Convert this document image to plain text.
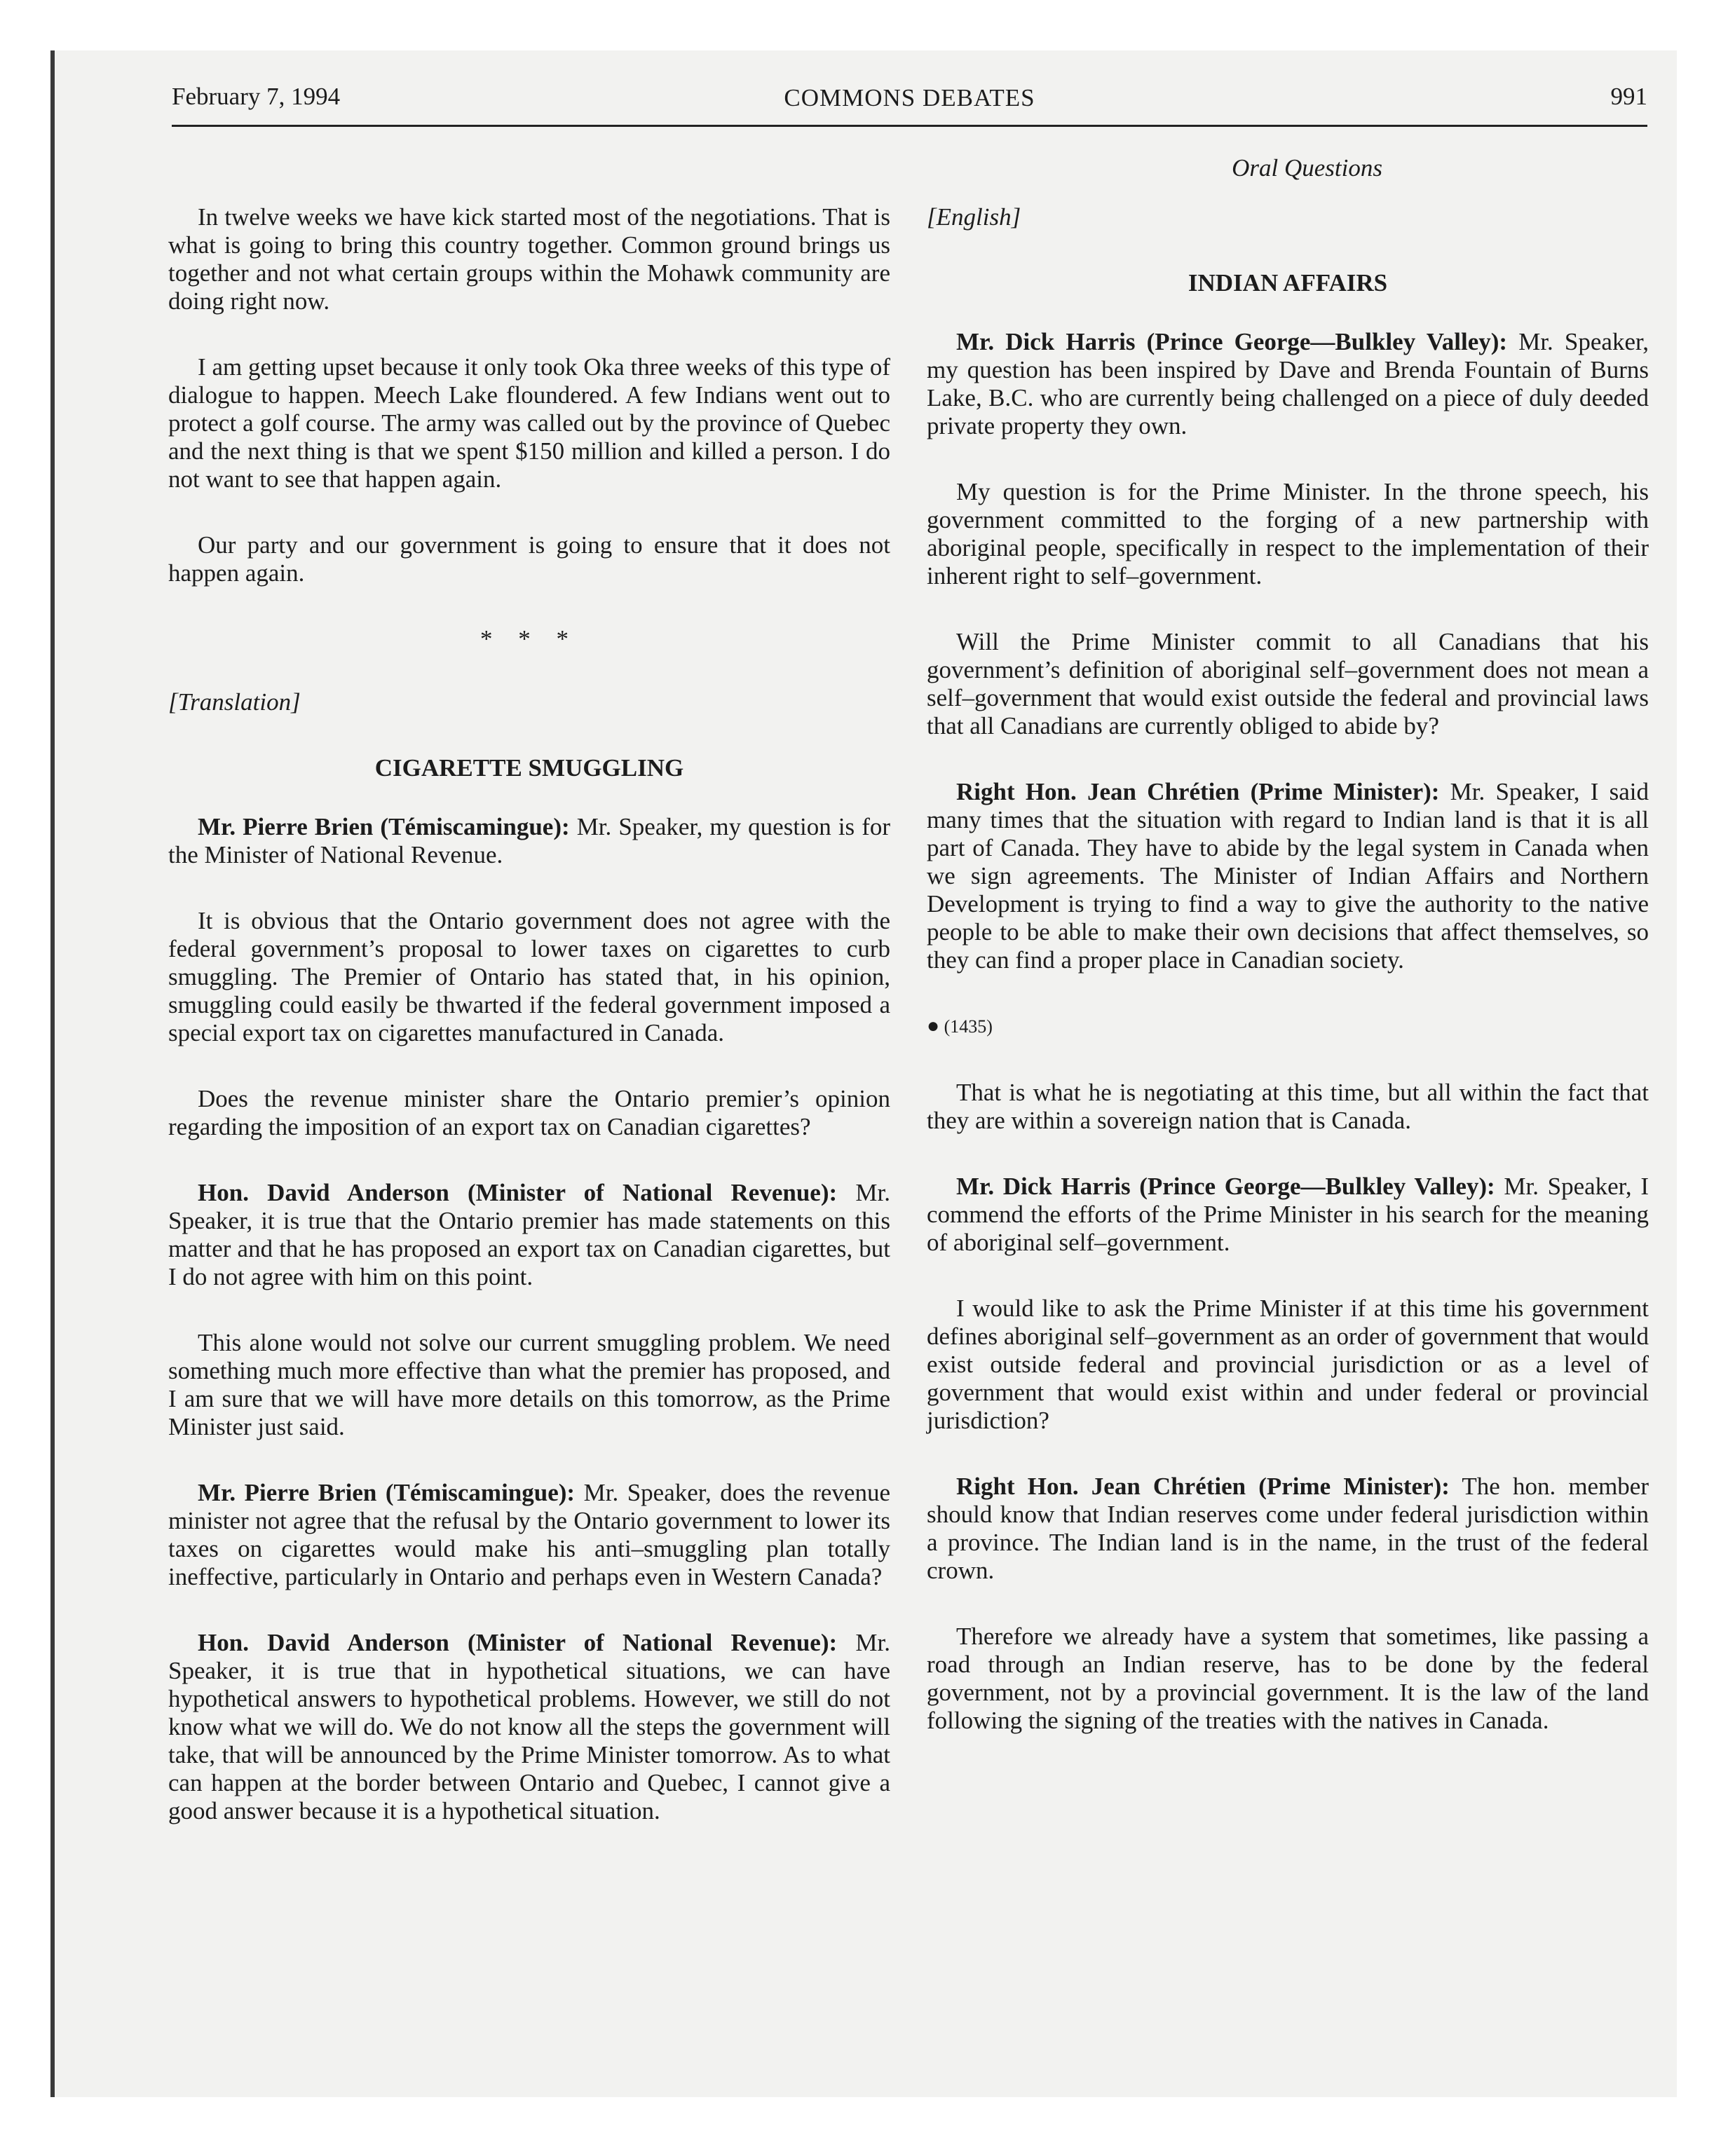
February 7, 1994	COMMONS DEBATES	991

In twelve weeks we have kick started most of the negotiations. That is what is going to bring this country together. Common ground brings us together and not what certain groups within the Mohawk community are doing right now.

I am getting upset because it only took Oka three weeks of this type of dialogue to happen. Meech Lake floundered. A few Indians went out to protect a golf course. The army was called out by the province of Quebec and the next thing is that we spent $150 million and killed a person. I do not want to see that happen again.

Our party and our government is going to ensure that it does not happen again.

* * *
[Translation]
CIGARETTE SMUGGLING

Mr. Pierre Brien (Témiscamingue): Mr. Speaker, my question is for the Minister of National Revenue.

It is obvious that the Ontario government does not agree with the federal government’s proposal to lower taxes on cigarettes to curb smuggling. The Premier of Ontario has stated that, in his opinion, smuggling could easily be thwarted if the federal government imposed a special export tax on cigarettes manufactured in Canada.

Does the revenue minister share the Ontario premier’s opinion regarding the imposition of an export tax on Canadian cigarettes?

Hon. David Anderson (Minister of National Revenue): Mr. Speaker, it is true that the Ontario premier has made statements on this matter and that he has proposed an export tax on Canadian cigarettes, but I do not agree with him on this point.

This alone would not solve our current smuggling problem. We need something much more effective than what the premier has proposed, and I am sure that we will have more details on this tomorrow, as the Prime Minister just said.

Mr. Pierre Brien (Témiscamingue): Mr. Speaker, does the revenue minister not agree that the refusal by the Ontario government to lower its taxes on cigarettes would make his anti–smuggling plan totally ineffective, particularly in Ontario and perhaps even in Western Canada?

Hon. David Anderson (Minister of National Revenue): Mr. Speaker, it is true that in hypothetical situations, we can have hypothetical answers to hypothetical problems. However, we still do not know what we will do. We do not know all the steps the government will take, that will be announced by the Prime Minister tomorrow. As to what can happen at the border between Ontario and Quebec, I cannot give a good answer because it is a hypothetical situation.

Oral Questions
[English]
INDIAN AFFAIRS

Mr. Dick Harris (Prince George—Bulkley Valley): Mr. Speaker, my question has been inspired by Dave and Brenda Fountain of Burns Lake, B.C. who are currently being challenged on a piece of duly deeded private property they own.

My question is for the Prime Minister. In the throne speech, his government committed to the forging of a new partnership with aboriginal people, specifically in respect to the implementation of their inherent right to self–government.

Will the Prime Minister commit to all Canadians that his government’s definition of aboriginal self–government does not mean a self–government that would exist outside the federal and provincial laws that all Canadians are currently obliged to abide by?

Right Hon. Jean Chrétien (Prime Minister): Mr. Speaker, I said many times that the situation with regard to Indian land is that it is all part of Canada. They have to abide by the legal system in Canada when we sign agreements. The Minister of Indian Affairs and Northern Development is trying to find a way to give the authority to the native people to be able to make their own decisions that affect themselves, so they can find a proper place in Canadian society.

● (1435)

That is what he is negotiating at this time, but all within the fact that they are within a sovereign nation that is Canada.

Mr. Dick Harris (Prince George—Bulkley Valley): Mr. Speaker, I commend the efforts of the Prime Minister in his search for the meaning of aboriginal self–government.

I would like to ask the Prime Minister if at this time his government defines aboriginal self–government as an order of government that would exist outside federal and provincial jurisdiction or as a level of government that would exist within and under federal or provincial jurisdiction?

Right Hon. Jean Chrétien (Prime Minister): The hon. member should know that Indian reserves come under federal jurisdiction within a province. The Indian land is in the name, in the trust of the federal crown.

Therefore we already have a system that sometimes, like passing a road through an Indian reserve, has to be done by the federal government, not by a provincial government. It is the law of the land following the signing of the treaties with the natives in Canada.
